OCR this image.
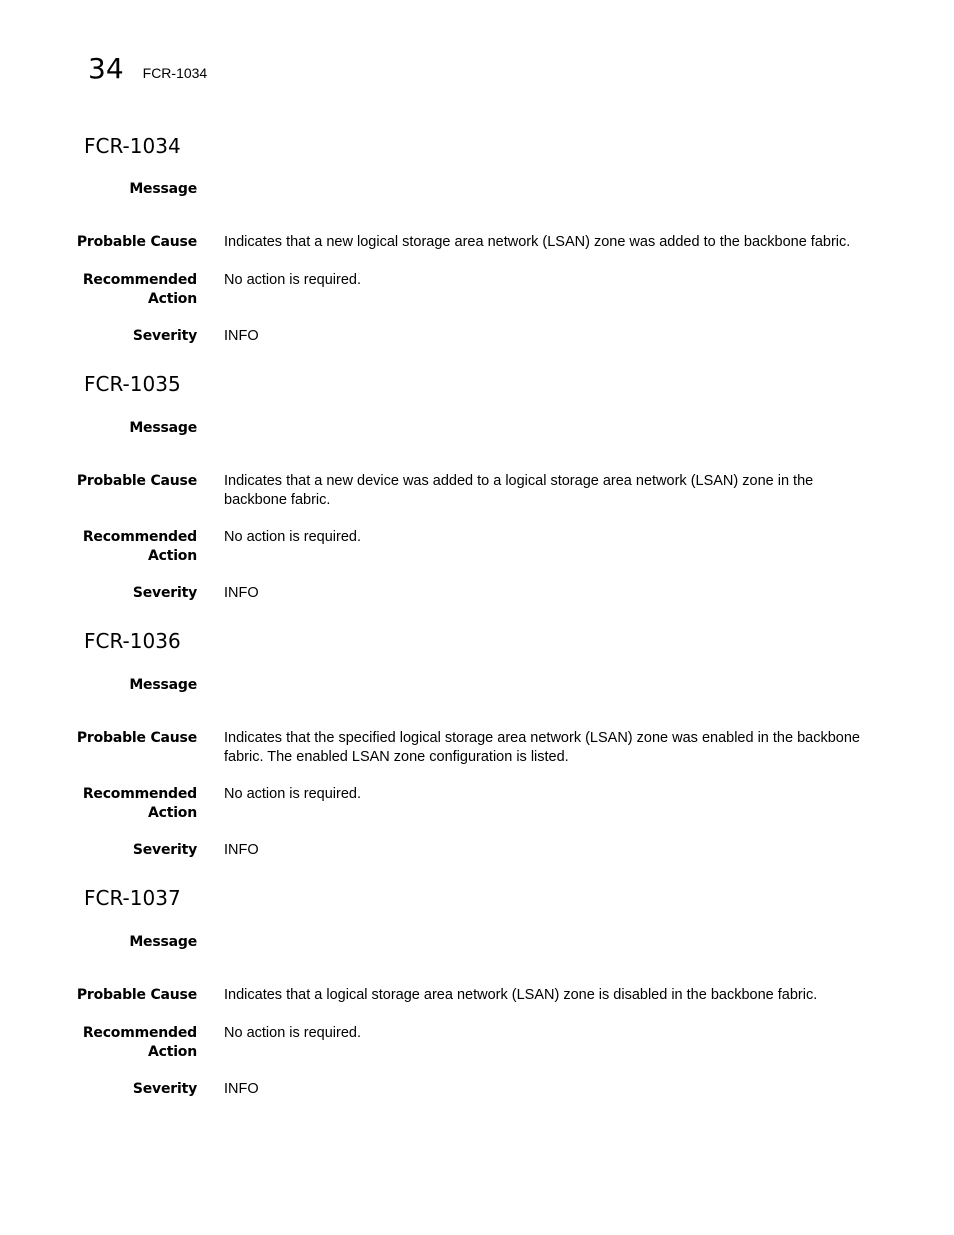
34 FCR-1034
FCR-1034
Message
Probable Cause Indicates that a new logical storage area network (LSAN) zone was added to the backbone fabric.
Recommended Action
No action is required.
Severity INFO
FCR-1035
Message
Probable Cause Indicates that a new device was added to a logical storage area network (LSAN) zone in the backbone fabric.
Recommended Action
No action is required.
Severity INFO
FCR-1036
Message
Probable Cause Indicates that the specified logical storage area network (LSAN) zone was enabled in the backbone fabric. The enabled LSAN zone configuration is listed.
Recommended Action
No action is required.
Severity INFO
FCR-1037
Message
Probable Cause Indicates that a logical storage area network (LSAN) zone is disabled in the backbone fabric.
Recommended Action
No action is required.
Severity INFO
